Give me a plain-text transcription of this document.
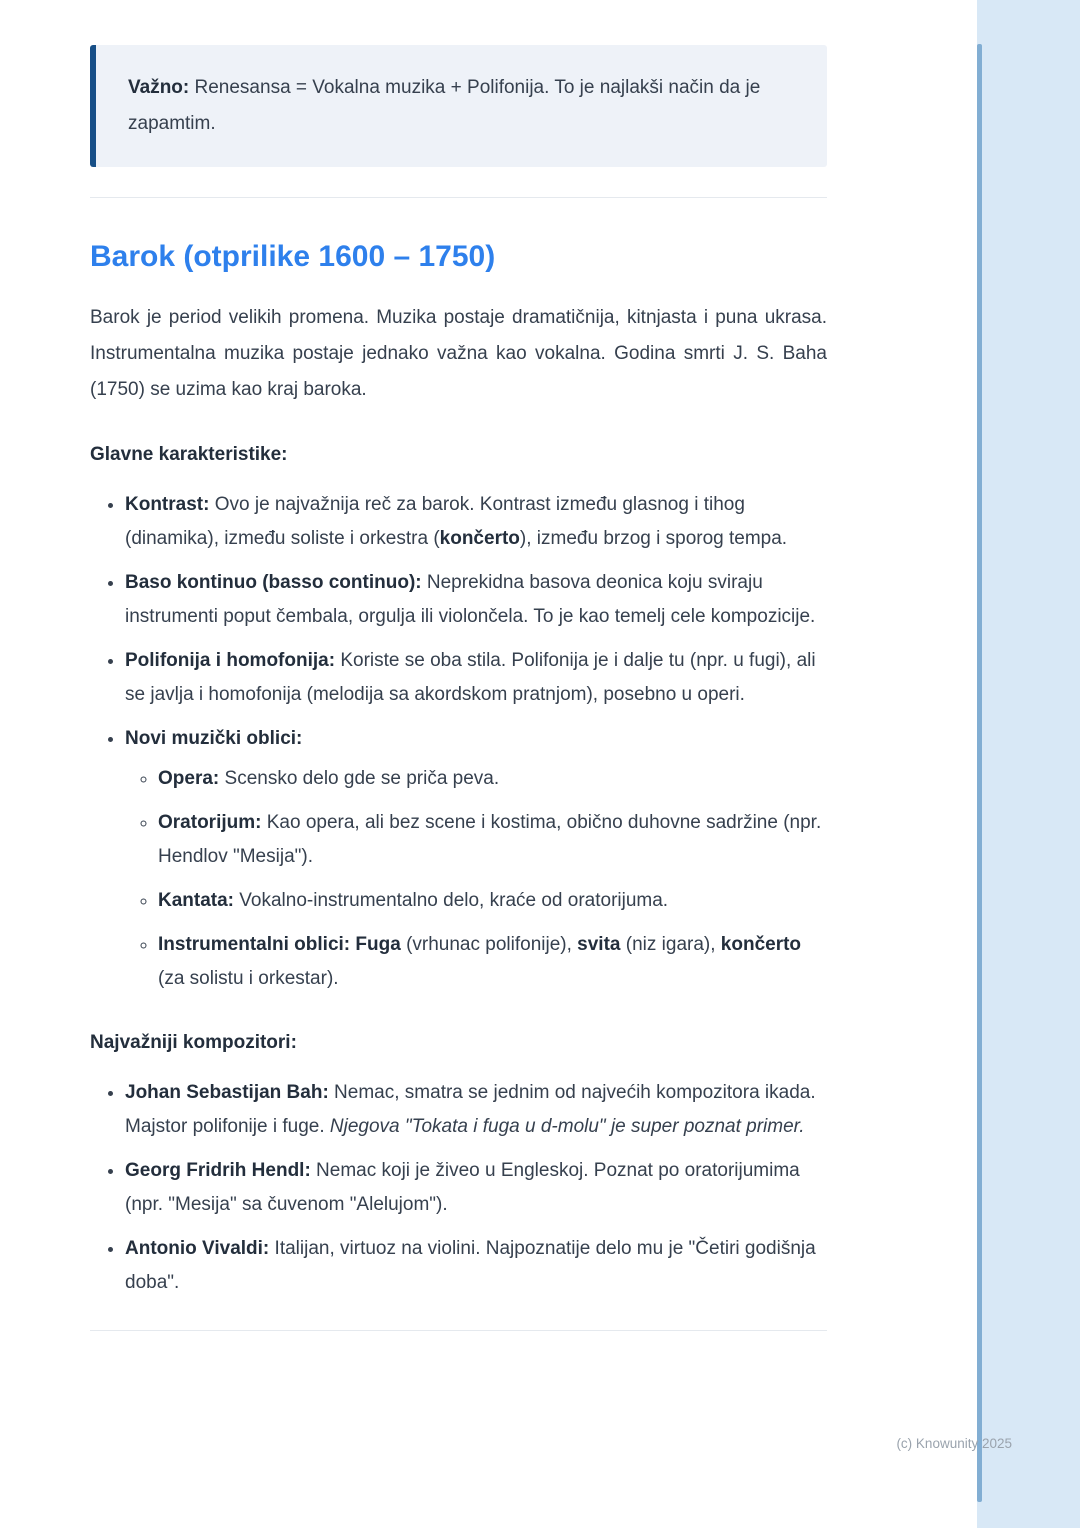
Važno: Renesansa = Vokalna muzika + Polifonija. To je najlakši način da je zapamtim.

Barok (otprilike 1600 – 1750)

Barok je period velikih promena. Muzika postaje dramatičnija, kitnjasta i puna ukrasa. Instrumentalna muzika postaje jednako važna kao vokalna. Godina smrti J. S. Baha (1750) se uzima kao kraj baroka.

Glavne karakteristike:

• Kontrast: Ovo je najvažnija reč za barok. Kontrast između glasnog i tihog (dinamika), između soliste i orkestra (končerto), između brzog i sporog tempa.
• Baso kontinuo (basso continuo): Neprekidna basova deonica koju sviraju instrumenti poput čembala, orgulja ili violončela. To je kao temelj cele kompozicije.
• Polifonija i homofonija: Koriste se oba stila. Polifonija je i dalje tu (npr. u fugi), ali se javlja i homofonija (melodija sa akordskom pratnjom), posebno u operi.
• Novi muzički oblici:
◦ Opera: Scensko delo gde se priča peva.
◦ Oratorijum: Kao opera, ali bez scene i kostima, obično duhovne sadržine (npr. Hendlov "Mesija").
◦ Kantata: Vokalno-instrumentalno delo, kraće od oratorijuma.
◦ Instrumentalni oblici: Fuga (vrhunac polifonije), svita (niz igara), končerto (za solistu i orkestar).

Najvažniji kompozitori:

• Johan Sebastijan Bah: Nemac, smatra se jednim od najvećih kompozitora ikada. Majstor polifonije i fuge. Njegova "Tokata i fuga u d-molu" je super poznat primer.
• Georg Fridrih Hendl: Nemac koji je živeo u Engleskoj. Poznat po oratorijumima (npr. "Mesija" sa čuvenom "Alelujom").
• Antonio Vivaldi: Italijan, virtuoz na violini. Najpoznatije delo mu je "Četiri godišnja doba".
(c) Knowunity 2025
